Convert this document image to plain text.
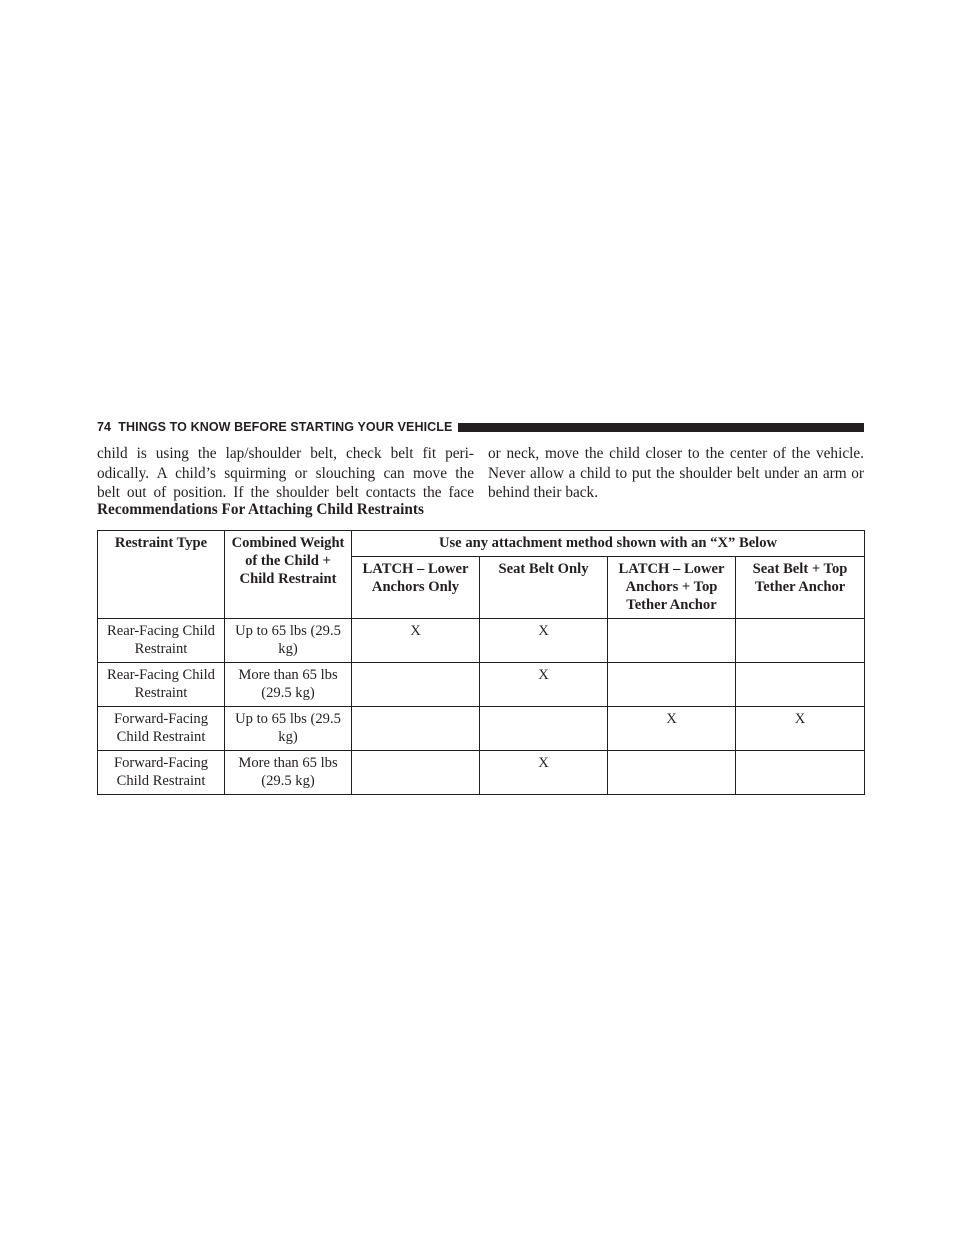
74 THINGS TO KNOW BEFORE STARTING YOUR VEHICLE

child is using the lap/shoulder belt, check belt fit peri-

odically. A child’s squirming or slouching can move the

belt out of position. If the shoulder belt contacts the face

or neck, move the child closer to the center of the vehicle. Never allow a child to put the shoulder belt under an arm or behind their back.

Recommendations For Attaching Child Restraints
Restraint Type	Combined Weight of the Child + Child Restraint	Use any attachment method shown with an “X” Below			
		LATCH – Lower Anchors Only	Seat Belt Only	LATCH – Lower Anchors + Top Tether Anchor	Seat Belt + Top Tether Anchor
Rear-Facing Child Restraint	Up to 65 lbs (29.5 kg)	X	X		
Rear-Facing Child Restraint	More than 65 lbs (29.5 kg)		X		
Forward-Facing Child Restraint	Up to 65 lbs (29.5 kg)			X	X
Forward-Facing Child Restraint	More than 65 lbs (29.5 kg)		X		
